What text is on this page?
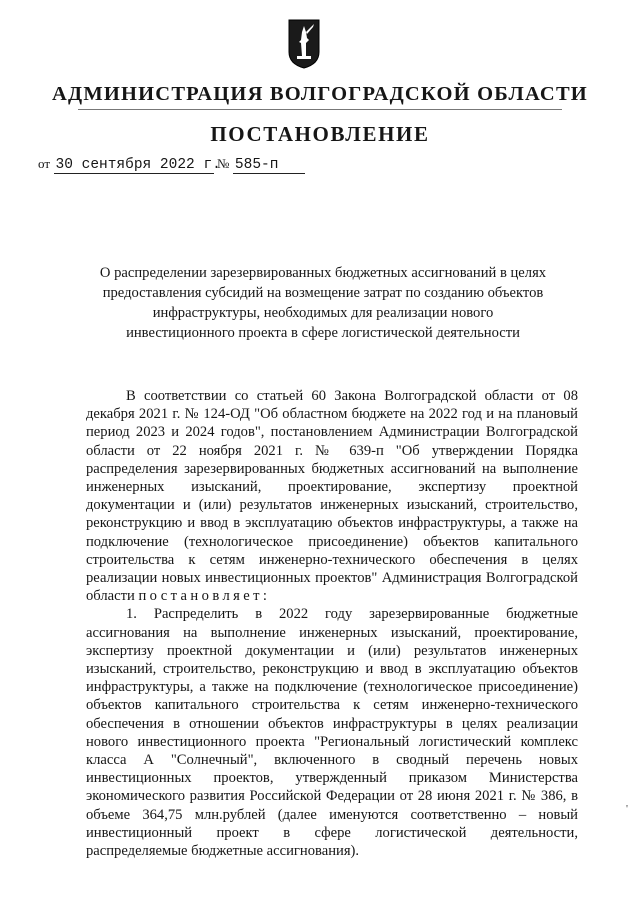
АДМИНИСТРАЦИЯ ВОЛГОГРАДСКОЙ ОБЛАСТИ
ПОСТАНОВЛЕНИЕ
от 30 сентября 2022 г. № 585-п
О распределении зарезервированных бюджетных ассигнований в целях предоставления субсидий на возмещение затрат по созданию объектов инфраструктуры, необходимых для реализации нового инвестиционного проекта в сфере логистической деятельности

В соответствии со статьей 60 Закона Волгоградской области от 08 декабря 2021 г. № 124-ОД "Об областном бюджете на 2022 год и на плановый период 2023 и 2024 годов", постановлением Администрации Волгоградской области от 22 ноября 2021 г. № 639-п "Об утверждении Порядка распределения зарезервированных бюджетных ассигнований на выполнение инженерных изысканий, проектирование, экспертизу проектной документации и (или) результатов инженерных изысканий, строительство, реконструкцию и ввод в эксплуатацию объектов инфраструктуры, а также на подключение (технологическое присоединение) объектов капитального строительства к сетям инженерно-технического обеспечения в целях реализации новых инвестиционных проектов" Администрация Волгоградской области постановляет:

1. Распределить в 2022 году зарезервированные бюджетные ассигнования на выполнение инженерных изысканий, проектирование, экспертизу проектной документации и (или) результатов инженерных изысканий, строительство, реконструкцию и ввод в эксплуатацию объектов инфраструктуры, а также на подключение (технологическое присоединение) объектов капитального строительства к сетям инженерно-технического обеспечения в отношении объектов инфраструктуры в целях реализации нового инвестиционного проекта "Региональный логистический комплекс класса А "Солнечный", включенного в сводный перечень новых инвестиционных проектов, утвержденный приказом Министерства экономического развития Российской Федерации от 28 июня 2021 г. № 386, в объеме 364,75 млн.рублей (далее именуются соответственно – новый инвестиционный проект в сфере логистической деятельности, распределяемые бюджетные ассигнования).

'
